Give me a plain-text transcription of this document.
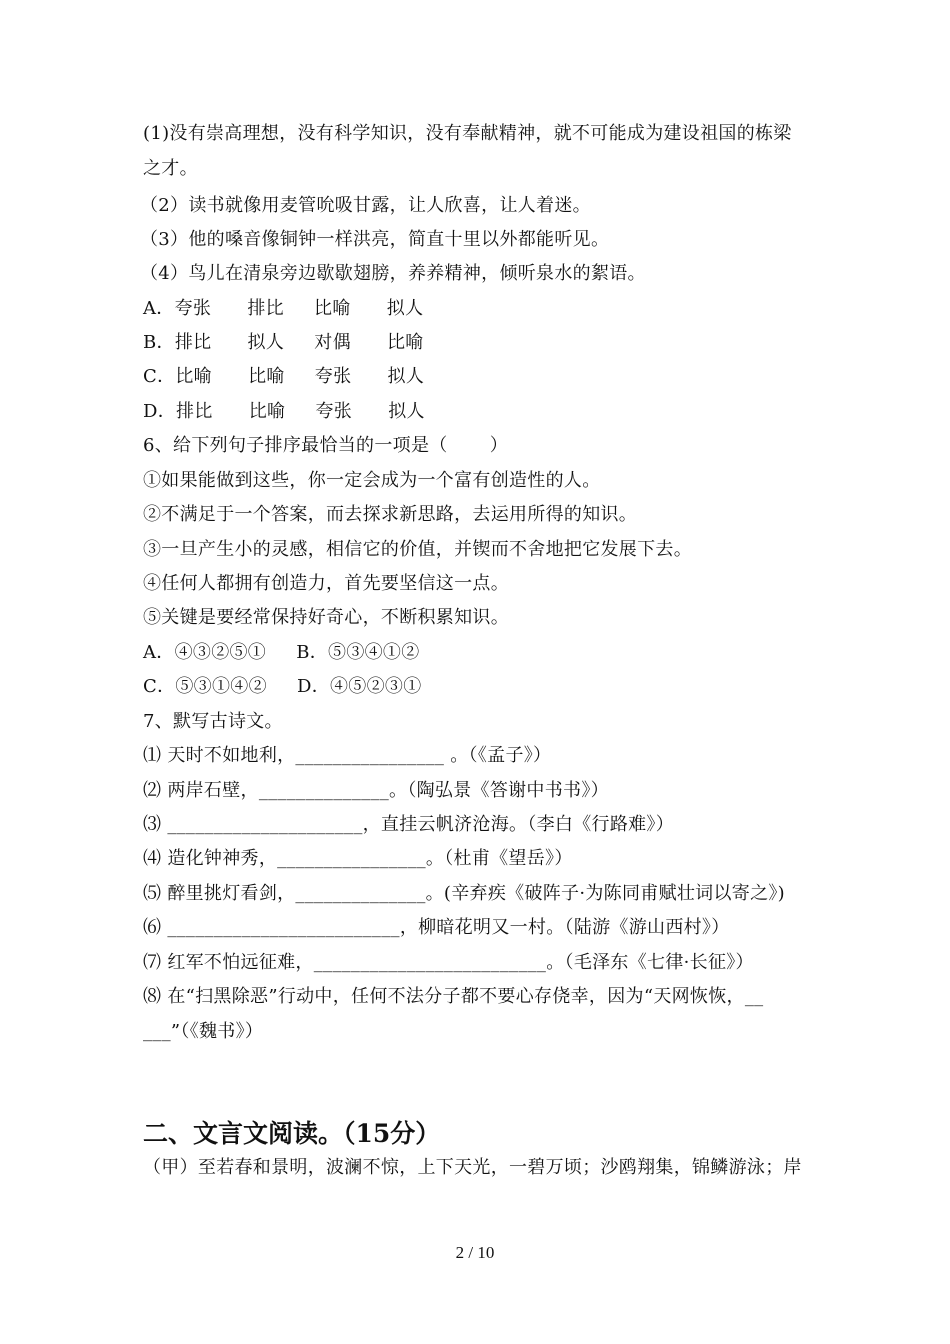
(1)没有崇高理想，没有科学知识，没有奉献精神，就不可能成为建设祖国的栋梁
之才。
（2）读书就像用麦管吮吸甘露，让人欣喜，让人着迷。
（3）他的嗓音像铜钟一样洪亮，简直十里以外都能听见。
（4）鸟儿在清泉旁边歇歇翅膀，养养精神，倾听泉水的絮语。
A．夸张      排比     比喻      拟人
B．排比      拟人     对偶      比喻
C．比喻      比喻     夸张      拟人
D．排比      比喻     夸张      拟人
6、给下列句子排序最恰当的一项是（       ）
①如果能做到这些，你一定会成为一个富有创造性的人。
②不满足于一个答案，而去探求新思路，去运用所得的知识。
③一旦产生小的灵感，相信它的价值，并锲而不舍地把它发展下去。
④任何人都拥有创造力，首先要坚信这一点。
⑤关键是要经常保持好奇心，不断积累知识。
A．④③②⑤①     B．⑤③④①②
C．⑤③①④②     D．④⑤②③①
7、默写古诗文。
⑴ 天时不如地利，________________ 。（《孟子》）
⑵ 两岸石壁，______________。（陶弘景《答谢中书书》）
⑶ _____________________，直挂云帆济沧海。（李白《行路难》）
⑷ 造化钟神秀，________________。（杜甫《望岳》）
⑸ 醉里挑灯看剑，______________。(辛弃疾《破阵子·为陈同甫赋壮词以寄之》)
⑹ _________________________，柳暗花明又一村。（陆游《游山西村》）
⑺ 红军不怕远征难，_________________________。（毛泽东《七律·长征》）
⑻ 在“扫黑除恶”行动中，任何不法分子都不要心存侥幸，因为“天网恢恢，__
___”（《魏书》）
二、文言文阅读。（15分）
（甲）至若春和景明，波澜不惊，上下天光，一碧万顷；沙鸥翔集，锦鳞游泳；岸
2 / 10
